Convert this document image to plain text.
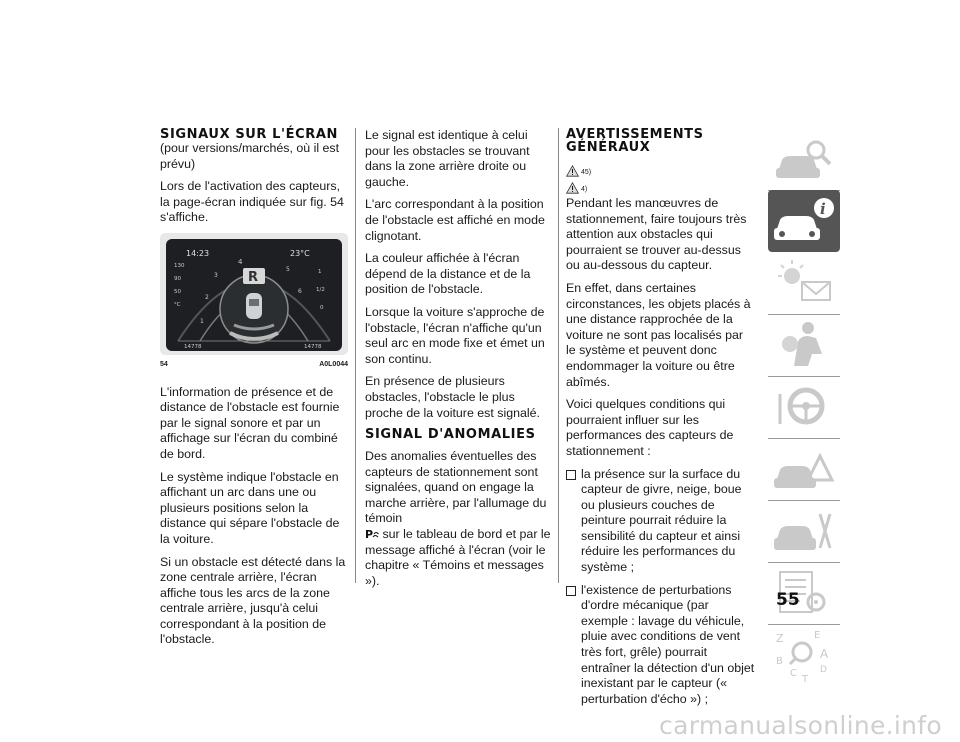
SIGNAUX SUR L'ÉCRAN

(pour versions/marchés, où il est prévu)

Lors de l'activation des capteurs, la page-écran indiquée sur fig. 54 s'affiche.

14:23	23°C
R
130
90
50
°C
2
3
4
5
6
1
1
1/2
0
14778	14778
54	A0L0044

L'information de présence et de distance de l'obstacle est fournie par le signal sonore et par un affichage sur l'écran du combiné de bord.

Le système indique l'obstacle en affichant un arc dans une ou plusieurs positions selon la distance qui sépare l'obstacle de la voiture.

Si un obstacle est détecté dans la zone centrale arrière, l'écran affiche tous les arcs de la zone centrale arrière, jusqu'à celui correspondant à la position de l'obstacle.

Le signal est identique à celui pour les obstacles se trouvant dans la zone arrière droite ou gauche.

L'arc correspondant à la position de l'obstacle est affiché en mode clignotant.

La couleur affichée à l'écran dépend de la distance et de la position de l'obstacle.

Lorsque la voiture s'approche de l'obstacle, l'écran n'affiche qu'un seul arc en mode fixe et émet un son continu.

En présence de plusieurs obstacles, l'obstacle le plus proche de la voiture est signalé.

SIGNAL D'ANOMALIES

Des anomalies éventuelles des capteurs de stationnement sont signalées, quand on engage la marche arrière, par l'allumage du témoin

P sur le tableau de bord et par le message affiché à l'écran (voir le chapitre « Témoins et messages »).

AVERTISSEMENTS GÉNÉRAUX
45)
4)

Pendant les manœuvres de stationnement, faire toujours très attention aux obstacles qui pourraient se trouver au-dessus ou au-dessous du capteur.

En effet, dans certaines circonstances, les objets placés à une distance rapprochée de la voiture ne sont pas localisés par le système et peuvent donc endommager la voiture ou être abîmés.

Voici quelques conditions qui pourraient influer sur les performances des capteurs de stationnement :

la présence sur la surface du capteur de givre, neige, boue ou plusieurs couches de peinture pourrait réduire la sensibilité du capteur et ainsi réduire les performances du système ;
l'existence de perturbations d'ordre mécanique (par exemple : lavage du véhicule, pluie avec conditions de vent très fort, grêle) pourrait entraîner la détection d'un objet inexistant par le capteur (« perturbation d'écho ») ;
i
Z	E
B
A
D
C
T
55
carmanualsonline.info
